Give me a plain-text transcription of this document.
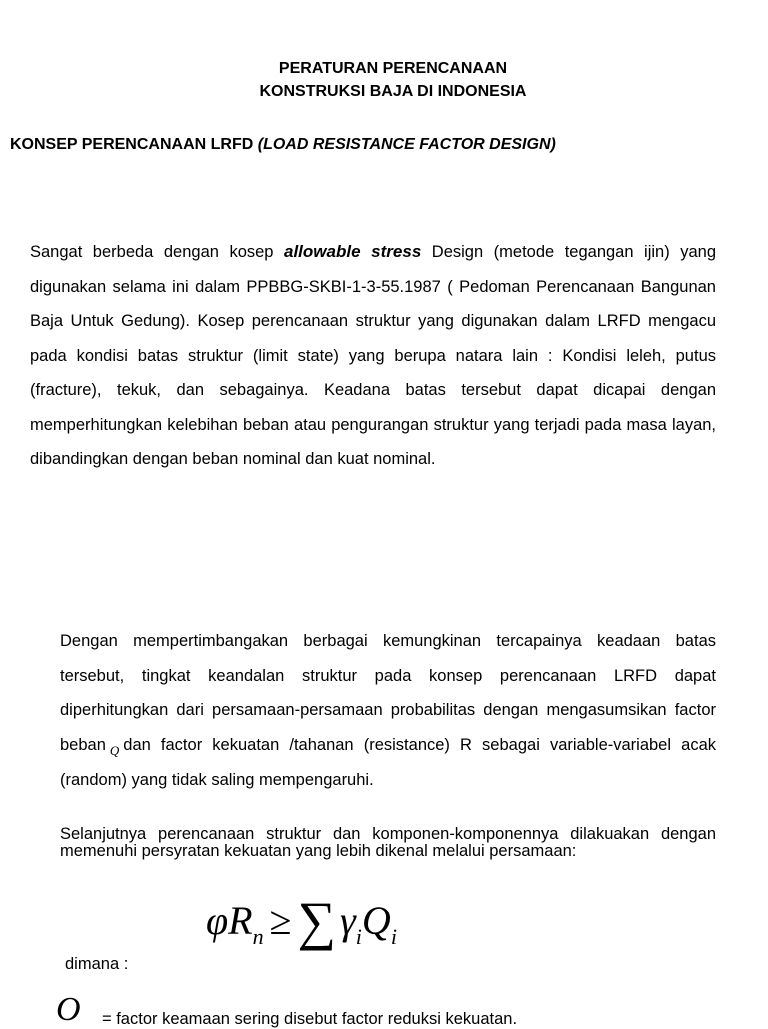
PERATURAN PERENCANAAN
KONSTRUKSI BAJA DI INDONESIA
KONSEP PERENCANAAN LRFD (LOAD RESISTANCE FACTOR DESIGN)

Sangat berbeda dengan kosep allowable stress Design (metode tegangan ijin) yang digunakan selama ini dalam PPBBG-SKBI-1-3-55.1987 ( Pedoman Perencanaan Bangunan Baja Untuk Gedung). Kosep perencanaan struktur yang digunakan dalam LRFD mengacu pada kondisi batas struktur (limit state) yang berupa natara lain : Kondisi leleh, putus (fracture), tekuk, dan sebagainya. Keadana batas tersebut dapat dicapai dengan memperhitungkan kelebihan beban atau pengurangan struktur yang terjadi pada masa layan, dibandingkan dengan beban nominal dan kuat nominal.

Dengan mempertimbangakan berbagai kemungkinan tercapainya keadaan batas tersebut, tingkat keandalan struktur pada konsep perencanaan LRFD dapat diperhitungkan dari persamaan-persamaan probabilitas dengan mengasumsikan factor beban $_Q$ dan factor kekuatan /tahanan (resistance) R sebagai variable-variabel acak (random) yang tidak saling mempengaruhi.

Selanjutnya perencanaan struktur dan komponen-komponennya dilakuakan dengan memenuhi persyratan kekuatan yang lebih dikenal melalui persamaan:

$\varphi R_n$ ≥ ∑ $\gamma_iQ_i$
dimana :
O = factor keamaan sering disebut factor reduksi kekuatan.
